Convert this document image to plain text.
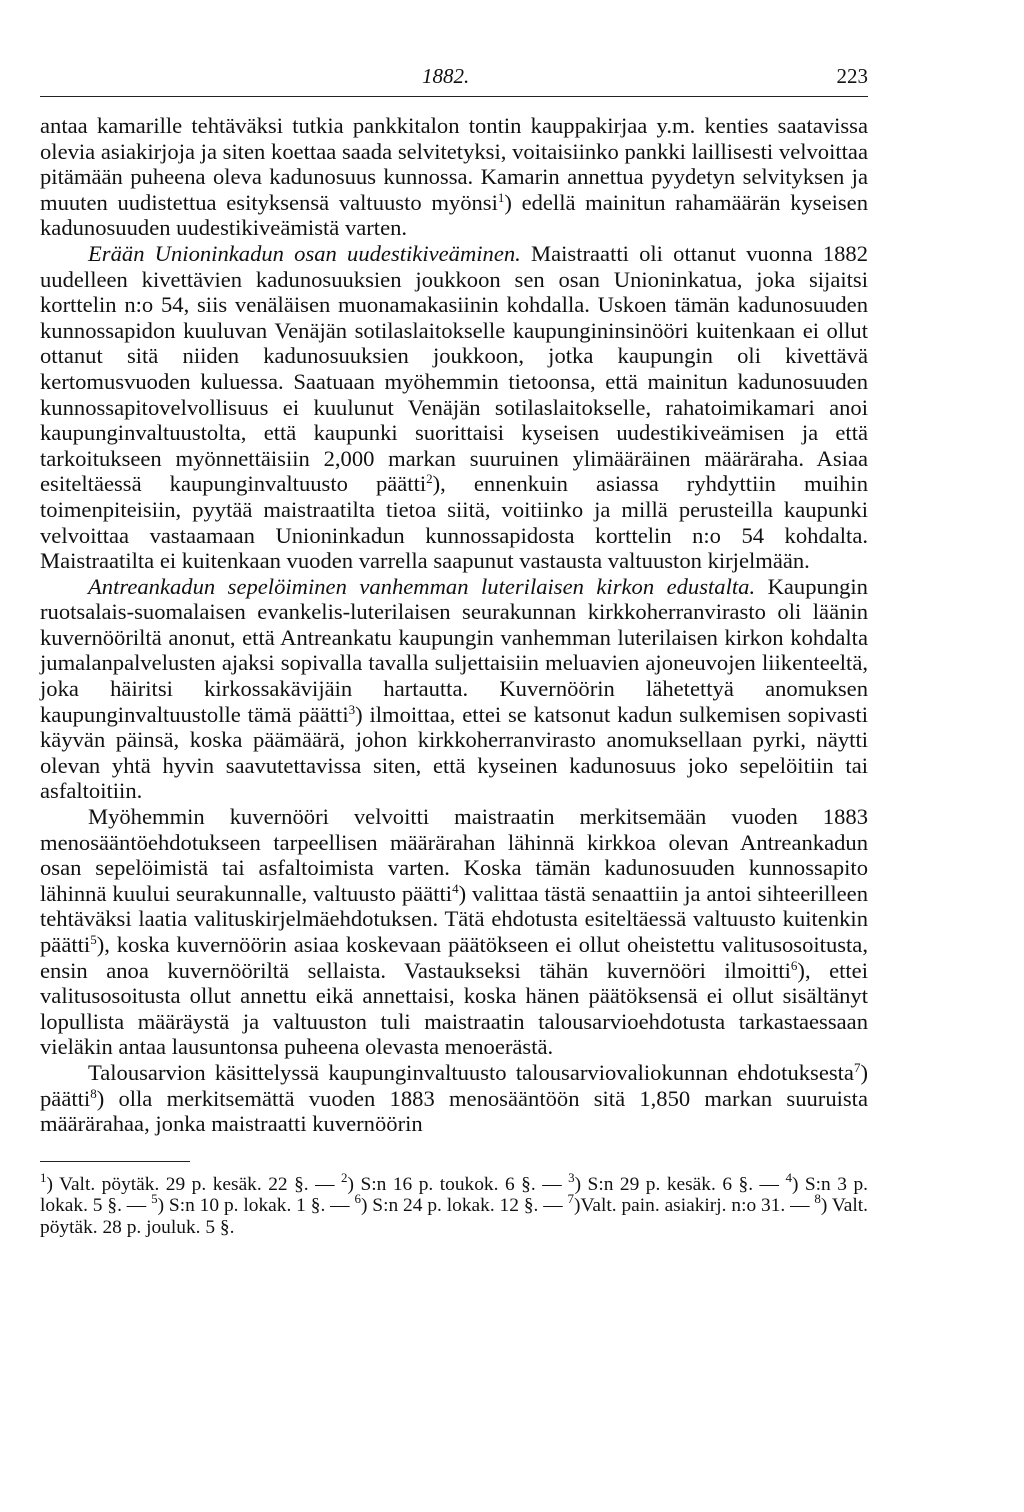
1882.	223

antaa kamarille tehtäväksi tutkia pankkitalon tontin kauppakirjaa y.m. kenties saatavissa olevia asiakirjoja ja siten koettaa saada selvitetyksi, voitaisiinko pankki laillisesti velvoittaa pitämään puheena oleva kadunosuus kunnossa. Kamarin annettua pyydetyn selvityksen ja muuten uudistettua esityksensä valtuusto myönsi$^1$) edellä mainitun rahamäärän kyseisen kadunosuuden uudestikiveämistä varten.

Erään Unioninkadun osan uudestikiveäminen. Maistraatti oli ottanut vuonna 1882 uudelleen kivettävien kadunosuuksien joukkoon sen osan Unioninkatua, joka sijaitsi korttelin n:o 54, siis venäläisen muonamakasiinin kohdalla. Uskoen tämän kadunosuuden kunnossapidon kuuluvan Venäjän sotilaslaitokselle kaupungininsinööri kuitenkaan ei ollut ottanut sitä niiden kadunosuuksien joukkoon, jotka kaupungin oli kivettävä kertomusvuoden kuluessa. Saatuaan myöhemmin tietoonsa, että mainitun kadunosuuden kunnossapitovelvollisuus ei kuulunut Venäjän sotilaslaitokselle, rahatoimikamari anoi kaupunginvaltuustolta, että kaupunki suorittaisi kyseisen uudestikiveämisen ja että tarkoitukseen myönnettäisiin 2,000 markan suuruinen ylimääräinen määräraha. Asiaa esiteltäessä kaupunginvaltuusto päätti$^2$), ennenkuin asiassa ryhdyttiin muihin toimenpiteisiin, pyytää maistraatilta tietoa siitä, voitiinko ja millä perusteilla kaupunki velvoittaa vastaamaan Unioninkadun kunnossapidosta korttelin n:o 54 kohdalta. Maistraatilta ei kuitenkaan vuoden varrella saapunut vastausta valtuuston kirjelmään.

Antreankadun sepelöiminen vanhemman luterilaisen kirkon edustalta. Kaupungin ruotsalais-suomalaisen evankelis-luterilaisen seurakunnan kirkkoherranvirasto oli läänin kuvernööriltä anonut, että Antreankatu kaupungin vanhemman luterilaisen kirkon kohdalta jumalanpalvelusten ajaksi sopivalla tavalla suljettaisiin meluavien ajoneuvojen liikenteeltä, joka häiritsi kirkossakävijäin hartautta. Kuvernöörin lähetettyä anomuksen kaupunginvaltuustolle tämä päätti$^3$) ilmoittaa, ettei se katsonut kadun sulkemisen sopivasti käyvän päinsä, koska päämäärä, johon kirkkoherranvirasto anomuksellaan pyrki, näytti olevan yhtä hyvin saavutettavissa siten, että kyseinen kadunosuus joko sepelöitiin tai asfaltoitiin.

Myöhemmin kuvernööri velvoitti maistraatin merkitsemään vuoden 1883 menosääntöehdotukseen tarpeellisen määrärahan lähinnä kirkkoa olevan Antreankadun osan sepelöimistä tai asfaltoimista varten. Koska tämän kadunosuuden kunnossapito lähinnä kuului seurakunnalle, valtuusto päätti$^4$) valittaa tästä senaattiin ja antoi sihteerilleen tehtäväksi laatia valituskirjelmäehdotuksen. Tätä ehdotusta esiteltäessä valtuusto kuitenkin päätti$^5$), koska kuvernöörin asiaa koskevaan päätökseen ei ollut oheistettu valitusosoitusta, ensin anoa kuvernööriltä sellaista. Vastaukseksi tähän kuvernööri ilmoitti$^6$), ettei valitusosoitusta ollut annettu eikä annettaisi, koska hänen päätöksensä ei ollut sisältänyt lopullista määräystä ja valtuuston tuli maistraatin talousarvioehdotusta tarkastaessaan vieläkin antaa lausuntonsa puheena olevasta menoerästä.

Talousarvion käsittelyssä kaupunginvaltuusto talousarviovaliokunnan ehdotuksesta$^7$) päätti$^8$) olla merkitsemättä vuoden 1883 menosääntöön sitä 1,850 markan suuruista määrärahaa, jonka maistraatti kuvernöörin

$^1$) Valt. pöytäk. 29 p. kesäk. 22 §. — $^2$) S:n 16 p. toukok. 6 §. — $^3$) S:n 29 p. kesäk. 6 §. — $^4$) S:n 3 p. lokak. 5 §. — $^5$) S:n 10 p. lokak. 1 §. — $^6$) S:n 24 p. lokak. 12 §. — $^7$)Valt. pain. asiakirj. n:o 31. — $^8$) Valt. pöytäk. 28 p. jouluk. 5 §.
